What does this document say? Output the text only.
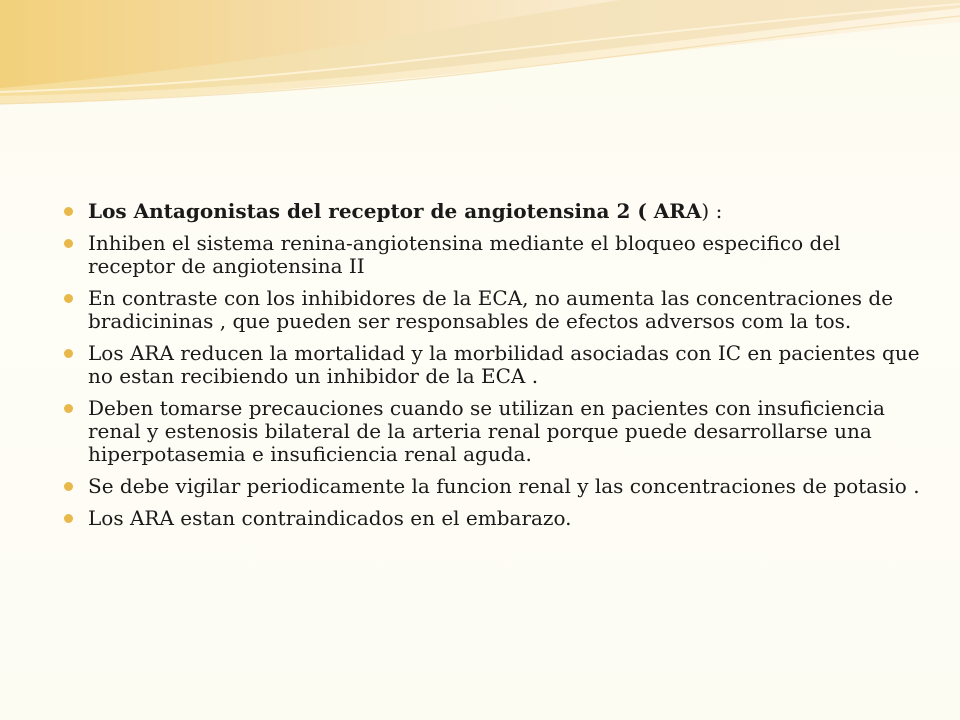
Los Antagonistas del receptor de angiotensina 2 ( ARA) :
Inhiben el sistema renina-angiotensina mediante el bloqueo especifico del receptor de angiotensina II
En contraste con los inhibidores de la ECA, no aumenta las concentraciones de bradicininas , que pueden ser responsables de efectos adversos com la tos.
Los ARA reducen la mortalidad y la morbilidad asociadas con IC en pacientes que no estan recibiendo un inhibidor de la ECA .
Deben tomarse precauciones cuando se utilizan en pacientes con insuficiencia renal y estenosis bilateral de la arteria renal porque puede desarrollarse una hiperpotasemia e insuficiencia renal aguda.
Se debe vigilar periodicamente la funcion renal y las concentraciones de potasio .
Los ARA estan contraindicados en el embarazo.
